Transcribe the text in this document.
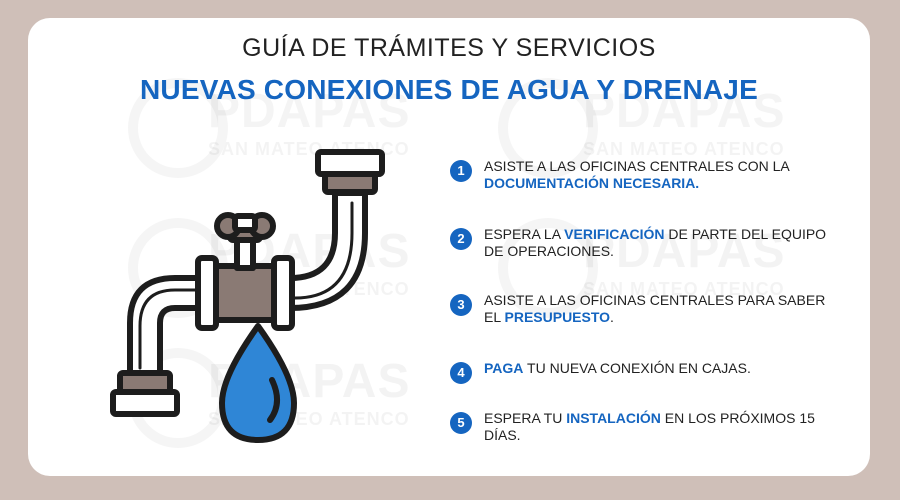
GUÍA DE TRÁMITES Y SERVICIOS
NUEVAS CONEXIONES DE AGUA Y DRENAJE
1	ASISTE A LAS OFICINAS CENTRALES CON LA DOCUMENTACIÓN NECESARIA.
2	ESPERA LA VERIFICACIÓN DE PARTE DEL EQUIPO DE OPERACIONES.
3	ASISTE A LAS OFICINAS CENTRALES PARA SABER EL PRESUPUESTO.
4	PAGA TU NUEVA CONEXIÓN EN CAJAS.
5	ESPERA TU INSTALACIÓN EN LOS PRÓXIMOS 15 DÍAS.
